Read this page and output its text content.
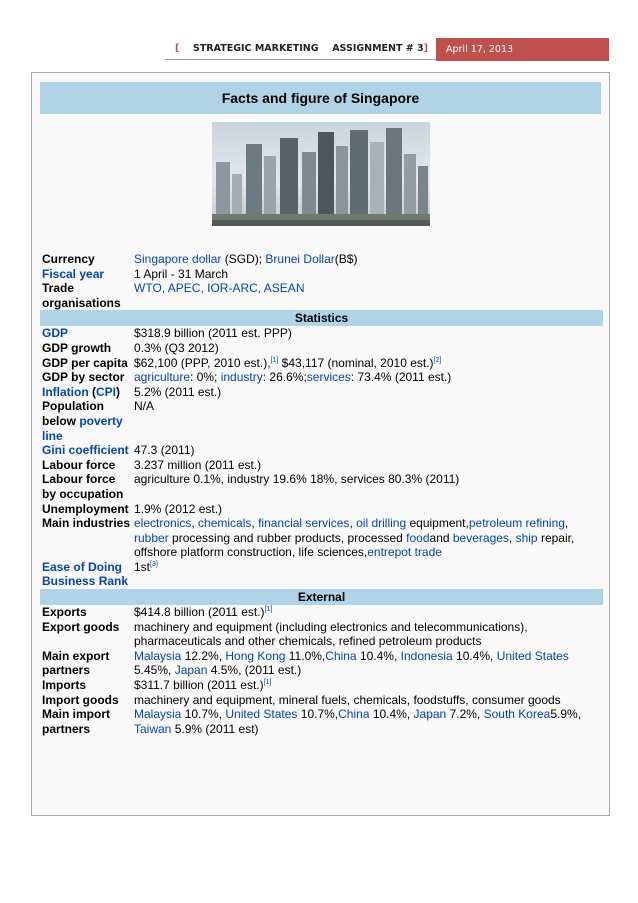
[ STRATEGIC MARKETING ASSIGNMENT # 3]	April 17, 2013
Facts and figure of Singapore
Currency	Singapore dollar (SGD); Brunei Dollar(B$)
Fiscal year	1 April - 31 March
Trade organisations	WTO, APEC, IOR-ARC, ASEAN
Statistics	
GDP	$318.9 billion (2011 est. PPP)
GDP growth	0.3% (Q3 2012)
GDP per capita	$62,100 (PPP, 2010 est.),[1] $43,117 (nominal, 2010 est.)[2]
GDP by sector	agriculture: 0%; industry: 26.6%;services: 73.4% (2011 est.)
Inflation (CPI)	5.2% (2011 est.)
Population below poverty line	N/A
Gini coefficient	47.3 (2011)
Labour force	3.237 million (2011 est.)
Labour force by occupation	agriculture 0.1%, industry 19.6% 18%, services 80.3% (2011)
Unemployment	1.9% (2012 est.)
Main industries	electronics, chemicals, financial services, oil drilling equipment,petroleum refining, rubber processing and rubber products, processed foodand beverages, ship repair, offshore platform construction, life sciences,entrepot trade
Ease of Doing Business Rank	1st[3]
External	
Exports	$414.8 billion (2011 est.)[1]
Export goods	machinery and equipment (including electronics and telecommunications), pharmaceuticals and other chemicals, refined petroleum products
Main export partners	Malaysia 12.2%, Hong Kong 11.0%,China 10.4%, Indonesia 10.4%, United States 5.45%, Japan 4.5%, (2011 est.)
Imports	$311.7 billion (2011 est.)[1]
Import goods	machinery and equipment, mineral fuels, chemicals, foodstuffs, consumer goods
Main import partners	Malaysia 10.7%, United States 10.7%,China 10.4%, Japan 7.2%, South Korea5.9%, Taiwan 5.9% (2011 est)
